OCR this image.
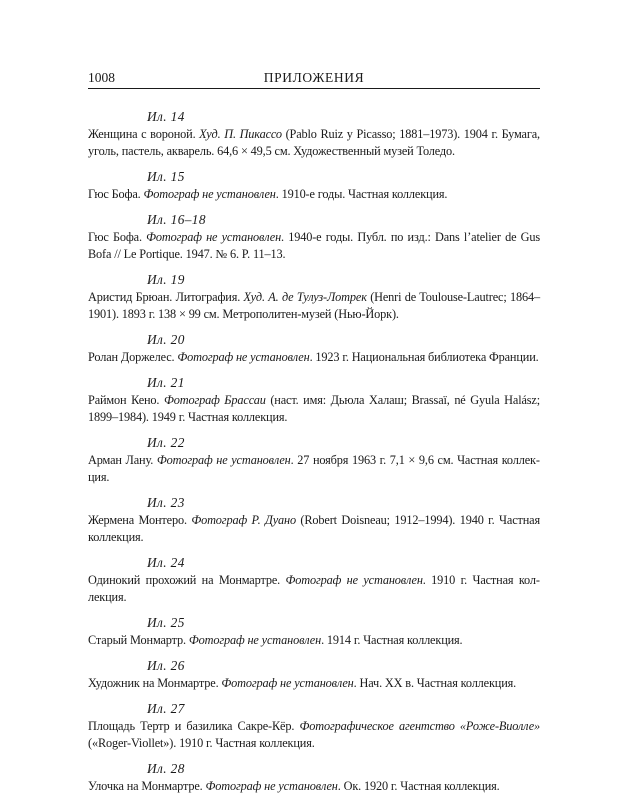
1008	ПРИЛОЖЕНИЯ
Ил. 14
Женщина с вороной. Худ. П. Пикассо (Pablo Ruiz y Picasso; 1881–1973). 1904 г. Бумага, уголь, пастель, акварель. 64,6 × 49,5 см. Художественный музей Толедо.
Ил. 15
Гюс Бофа. Фотограф не установлен. 1910-е годы. Частная коллекция.
Ил. 16–18
Гюс Бофа. Фотограф не установлен. 1940-е годы. Публ. по изд.: Dans l’atelier de Gus Bofa // Le Portique. 1947. № 6. P. 11–13.
Ил. 19
Аристид Брюан. Литография. Худ. А. де Тулуз-Лотрек (Henri de Toulouse-Lautrec; 1864–1901). 1893 г. 138 × 99 см. Метрополитен-музей (Нью-Йорк).
Ил. 20
Ролан Доржелес. Фотограф не установлен. 1923 г. Национальная библиотека Франции.
Ил. 21
Раймон Кено. Фотограф Брассаи (наст. имя: Дьюла Халаш; Brassaï, né Gyula Halász; 1899–1984). 1949 г. Частная коллекция.
Ил. 22
Арман Лану. Фотограф не установлен. 27 ноября 1963 г. 7,1 × 9,6 см. Частная коллекция.
Ил. 23
Жермена Монтеро. Фотограф Р. Дуано (Robert Doisneau; 1912–1994). 1940 г. Частная коллекция.
Ил. 24
Одинокий прохожий на Монмартре. Фотограф не установлен. 1910 г. Частная коллекция.
Ил. 25
Старый Монмартр. Фотограф не установлен. 1914 г. Частная коллекция.
Ил. 26
Художник на Монмартре. Фотограф не установлен. Нач. XX в. Частная коллекция.
Ил. 27
Площадь Тертр и базилика Сакре-Кёр. Фотографическое агентство «Роже-Виолле» («Roger-Viollet»). 1910 г. Частная коллекция.
Ил. 28
Улочка на Монмартре. Фотограф не установлен. Ок. 1920 г. Частная коллекция.
